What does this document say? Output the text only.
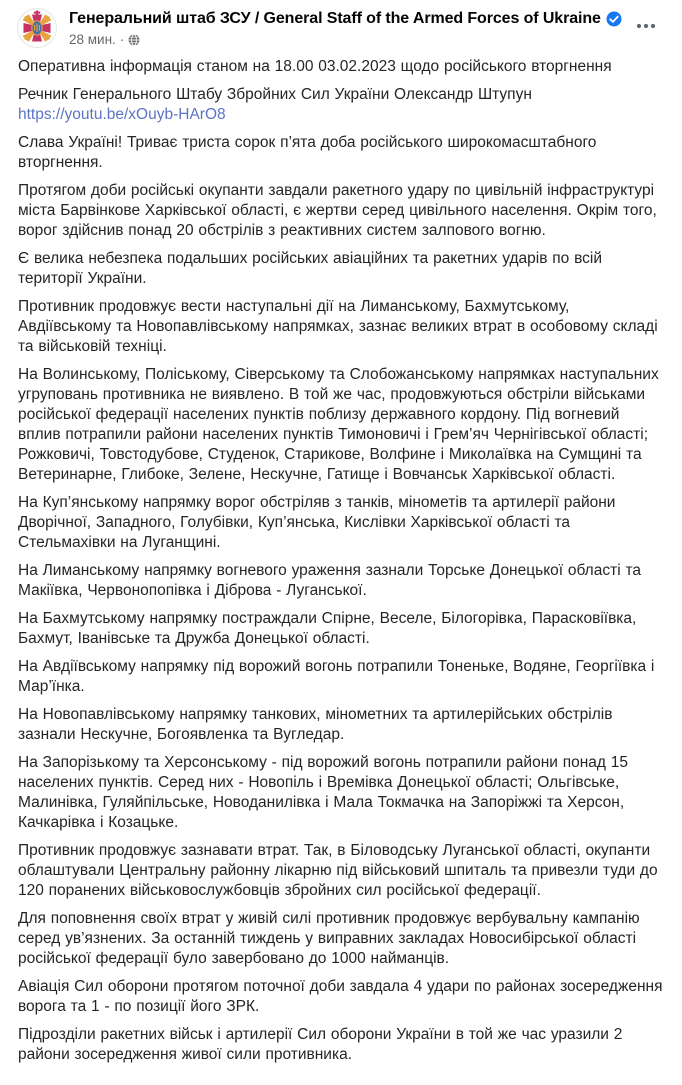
Генеральний штаб ЗСУ / General Staff of the Armed Forces of Ukraine
28 мин. ·

Оперативна інформація станом на 18.00 03.02.2023 щодо російського вторгнення

Речник Генерального Штабу Збройних Сил України Олександр Штупун https://youtu.be/xOuyb-HArO8

Слава Україні! Триває триста сорок п’ята доба російського широкомасштабного вторгнення.

Протягом доби російські окупанти завдали ракетного удару по цивільній інфраструктурі міста Барвінкове Харківської області, є жертви серед цивільного населення. Окрім того, ворог здійснив понад 20 обстрілів з реактивних систем залпового вогню.

Є велика небезпека подальших російських авіаційних та ракетних ударів по всій території України.

Противник продовжує вести наступальні дії на Лиманському, Бахмутському, Авдіївському та Новопавлівському напрямках, зазнає великих втрат в особовому складі та військовій техніці.

На Волинському, Поліському, Сіверському та Слобожанському напрямках наступальних угруповань противника не виявлено. В той же час, продовжуються обстріли військами російської федерації населених пунктів поблизу державного кордону. Під вогневий вплив потрапили райони населених пунктів Тимоновичі і Грем’яч Чернігівської області; Рожковичі, Товстодубове, Студенок, Старикове, Волфине і Миколаївка на Сумщині та Ветеринарне, Глибоке, Зелене, Нескучне, Гатище і Вовчанськ Харківської області.

На Куп’янському напрямку ворог обстріляв з танків, мінометів та артилерії райони Дворічної, Западного, Голубівки, Куп’янська, Кислівки Харківської області та Стельмахівки на Луганщині.

На Лиманському напрямку вогневого ураження зазнали Торське Донецької області та Макіївка, Червонопопівка і Діброва - Луганської.

На Бахмутському напрямку постраждали Спірне, Веселе, Білогорівка, Парасковіївка, Бахмут, Іванівське та Дружба Донецької області.

На Авдіївському напрямку під ворожий вогонь потрапили Тоненьке, Водяне, Георгіївка і Мар’їнка.

На Новопавлівському напрямку танкових, мінометних та артилерійських обстрілів зазнали Нескучне, Богоявленка та Вугледар.

На Запорізькому та Херсонському - під ворожий вогонь потрапили райони понад 15 населених пунктів. Серед них - Новопіль і Времівка Донецької області; Ольгівське, Малинівка, Гуляйпільське, Новоданилівка і Мала Токмачка на Запоріжжі та Херсон, Качкарівка і Козацьке.

Противник продовжує зазнавати втрат. Так, в Біловодську Луганської області, окупанти облаштували Центральну районну лікарню під військовий шпиталь та привезли туди до 120 поранених військовослужбовців збройних сил російської федерації.

Для поповнення своїх втрат у живій силі противник продовжує вербувальну кампанію серед ув’язнених. За останній тиждень у виправних закладах Новосибірської області російської федерації було завербовано до 1000 найманців.

Авіація Сил оборони протягом поточної доби завдала 4 удари по районах зосередження ворога та 1 - по позиції його ЗРК.

Підрозділи ракетних військ і артилерії Сил оборони України в той же час уразили 2 райони зосередження живої сили противника.
